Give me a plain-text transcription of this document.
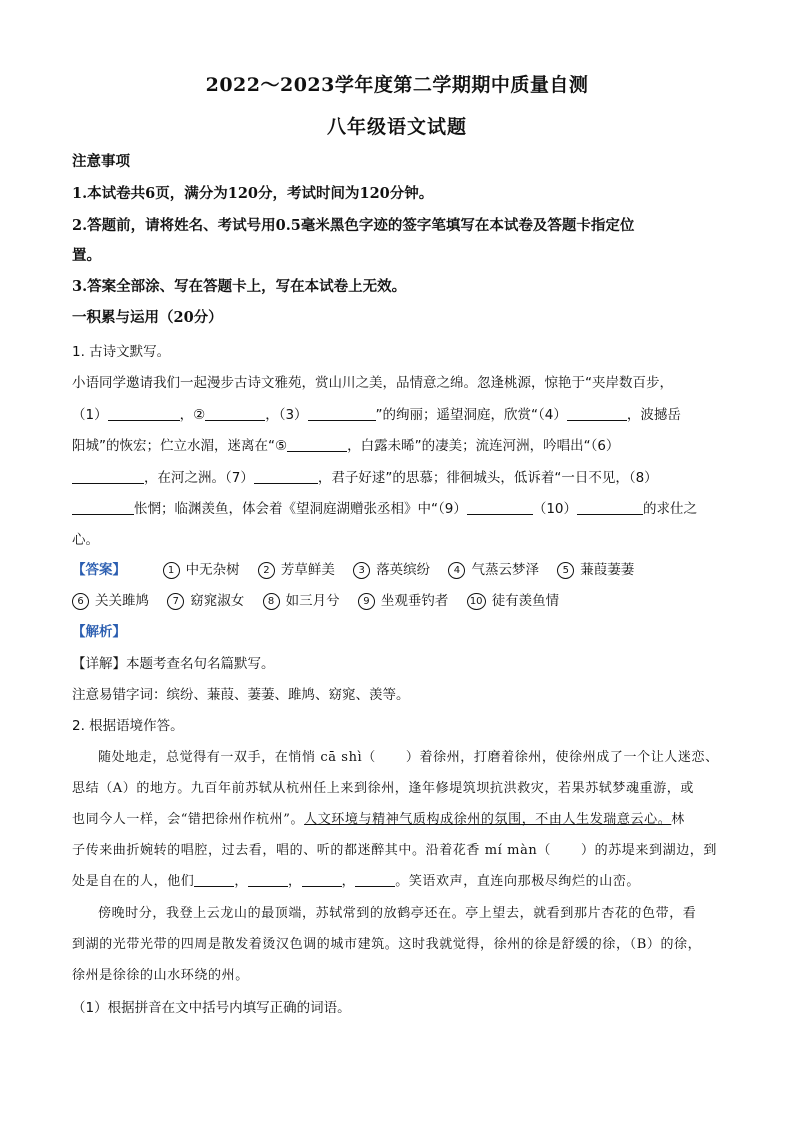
2022～2023学年度第二学期期中质量自测
八年级语文试题
注意事项
1.本试卷共6页，满分为120分，考试时间为120分钟。
2.答题前，请将姓名、考试号用0.5毫米黑色字迹的签字笔填写在本试卷及答题卡指定位
置。
3.答案全部涂、写在答题卡上，写在本试卷上无效。
一积累与运用（20分）
1. 古诗文默写。
小语同学邀请我们一起漫步古诗文雅苑，赏山川之美，品情意之绵。忽逢桃源，惊艳于“夹岸数百步，
（1）	，②	，（3）	”的绚丽；遥望洞庭，欣赏“（4）	，波撼岳
阳城”的恢宏；伫立水湄，迷离在“⑤	，白露未晞”的凄美；流连河洲，吟唱出“（6）
，在河之洲。（7）	，君子好逑”的思慕；徘徊城头，低诉着“一日不见，（8）
怅惘；临渊羡鱼，体会着《望洞庭湖赠张丞相》中“（9）	（10）	的求仕之
心。
【答案】	1 中无杂树 2 芳草鲜美 3 落英缤纷 4 气蒸云梦泽 5 蒹葭萋萋
6 关关雎鸠 7 窈窕淑女 8 如三月兮 9 坐观垂钓者 10 徒有羡鱼情
【解析】
【详解】本题考查名句名篇默写。
注意易错字词：缤纷、蒹葭、萋萋、雎鸠、窈窕、羡等。
2. 根据语境作答。
随处地走，总觉得有一双手，在悄悄 cā shì（ ）着徐州，打磨着徐州，使徐州成了一个让人迷恋、
思结（A）的地方。九百年前苏轼从杭州任上来到徐州，逢年修堤筑坝抗洪救灾，若果苏轼梦魂重游，或
也同今人一样，会“错把徐州作杭州”。人文环境与精神气质构成徐州的氛围，不由人生发瑞意云心。林
子传来曲折婉转的唱腔，过去看，唱的、听的都迷醉其中。沿着花香 mí màn（ ）的苏堤来到湖边，到
处是自在的人，他们	，	，	，	。笑语欢声，直连向那极尽绚烂的山峦。
傍晚时分，我登上云龙山的最顶端，苏轼常到的放鹤亭还在。亭上望去，就看到那片杏花的色带，看
到湖的光带光带的四周是散发着烫汉色调的城市建筑。这时我就觉得，徐州的徐是舒缓的徐，（B）的徐，
徐州是徐徐的山水环绕的州。
（1）根据拼音在文中括号内填写正确的词语。
